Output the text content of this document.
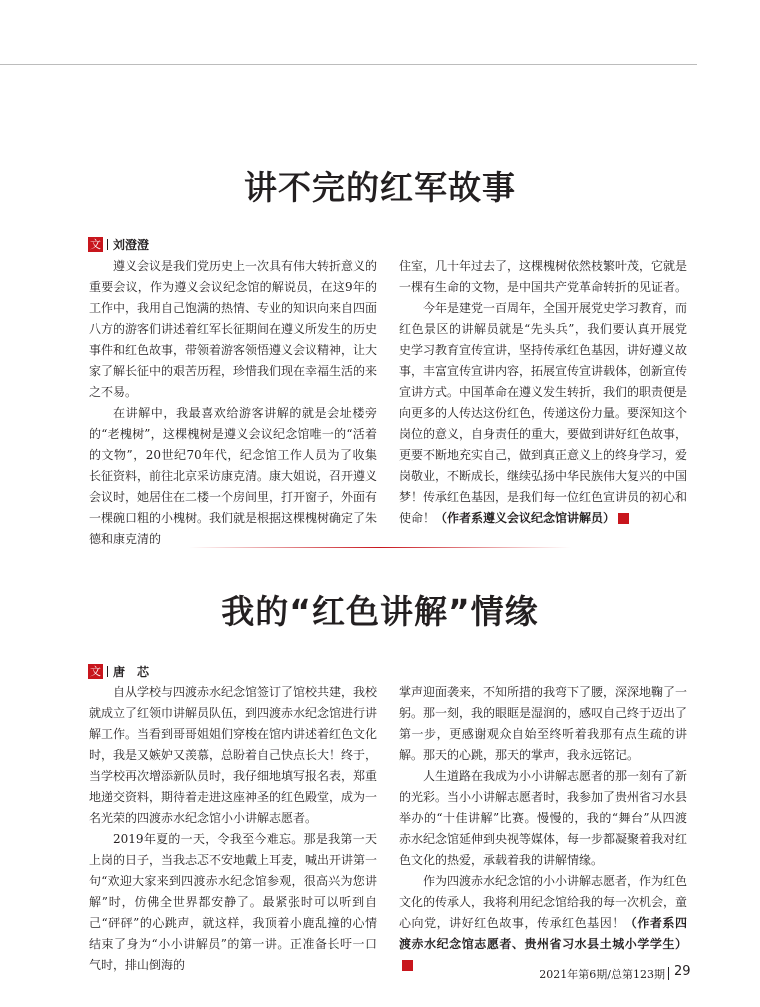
讲不完的红军故事
文 刘澄澄

遵义会议是我们党历史上一次具有伟大转折意义的重要会议，作为遵义会议纪念馆的解说员，在这9年的工作中，我用自己饱满的热情、专业的知识向来自四面八方的游客们讲述着红军长征期间在遵义所发生的历史事件和红色故事，带领着游客领悟遵义会议精神，让大家了解长征中的艰苦历程，珍惜我们现在幸福生活的来之不易。

在讲解中，我最喜欢给游客讲解的就是会址楼旁的“老槐树”，这棵槐树是遵义会议纪念馆唯一的“活着的文物”，20世纪70年代，纪念馆工作人员为了收集长征资料，前往北京采访康克清。康大姐说，召开遵义会议时，她居住在二楼一个房间里，打开窗子，外面有一棵碗口粗的小槐树。我们就是根据这棵槐树确定了朱德和康克清的

住室，几十年过去了，这棵槐树依然枝繁叶茂，它就是一棵有生命的文物，是中国共产党革命转折的见证者。

今年是建党一百周年，全国开展党史学习教育，而红色景区的讲解员就是“先头兵”，我们要认真开展党史学习教育宣传宣讲，坚持传承红色基因，讲好遵义故事，丰富宣传宣讲内容，拓展宣传宣讲载体，创新宣传宣讲方式。中国革命在遵义发生转折，我们的职责便是向更多的人传达这份红色，传递这份力量。要深知这个岗位的意义，自身责任的重大，要做到讲好红色故事，更要不断地充实自己，做到真正意义上的终身学习，爱岗敬业，不断成长，继续弘扬中华民族伟大复兴的中国梦！传承红色基因，是我们每一位红色宣讲员的初心和使命！（作者系遵义会议纪念馆讲解员）	G

我的“红色讲解”情缘
文 唐　芯

自从学校与四渡赤水纪念馆签订了馆校共建，我校就成立了红领巾讲解员队伍，到四渡赤水纪念馆进行讲解工作。当看到哥哥姐姐们穿梭在馆内讲述着红色文化时，我是又嫉妒又羡慕，总盼着自己快点长大！终于，当学校再次增添新队员时，我仔细地填写报名表，郑重地递交资料，期待着走进这座神圣的红色殿堂，成为一名光荣的四渡赤水纪念馆小小讲解志愿者。

2019年夏的一天，令我至今难忘。那是我第一天上岗的日子，当我忐忑不安地戴上耳麦，喊出开讲第一句“欢迎大家来到四渡赤水纪念馆参观，很高兴为您讲解”时，仿佛全世界都安静了。最紧张时可以听到自己“砰砰”的心跳声，就这样，我顶着小鹿乱撞的心情结束了身为“小小讲解员”的第一讲。正准备长吁一口气时，排山倒海的

掌声迎面袭来，不知所措的我弯下了腰，深深地鞠了一躬。那一刻，我的眼眶是湿润的，感叹自己终于迈出了第一步，更感谢观众自始至终听着我那有点生疏的讲解。那天的心跳，那天的掌声，我永远铭记。

人生道路在我成为小小讲解志愿者的那一刻有了新的光彩。当小小讲解志愿者时，我参加了贵州省习水县举办的“十佳讲解”比赛。慢慢的，我的“舞台”从四渡赤水纪念馆延伸到央视等媒体，每一步都凝聚着我对红色文化的热爱，承载着我的讲解情缘。

作为四渡赤水纪念馆的小小讲解志愿者，作为红色文化的传承人，我将利用纪念馆给我的每一次机会，童心向党，讲好红色故事，传承红色基因！（作者系四渡赤水纪念馆志愿者、贵州省习水县土城小学学生）G

2021年第6期/总第123期 29
